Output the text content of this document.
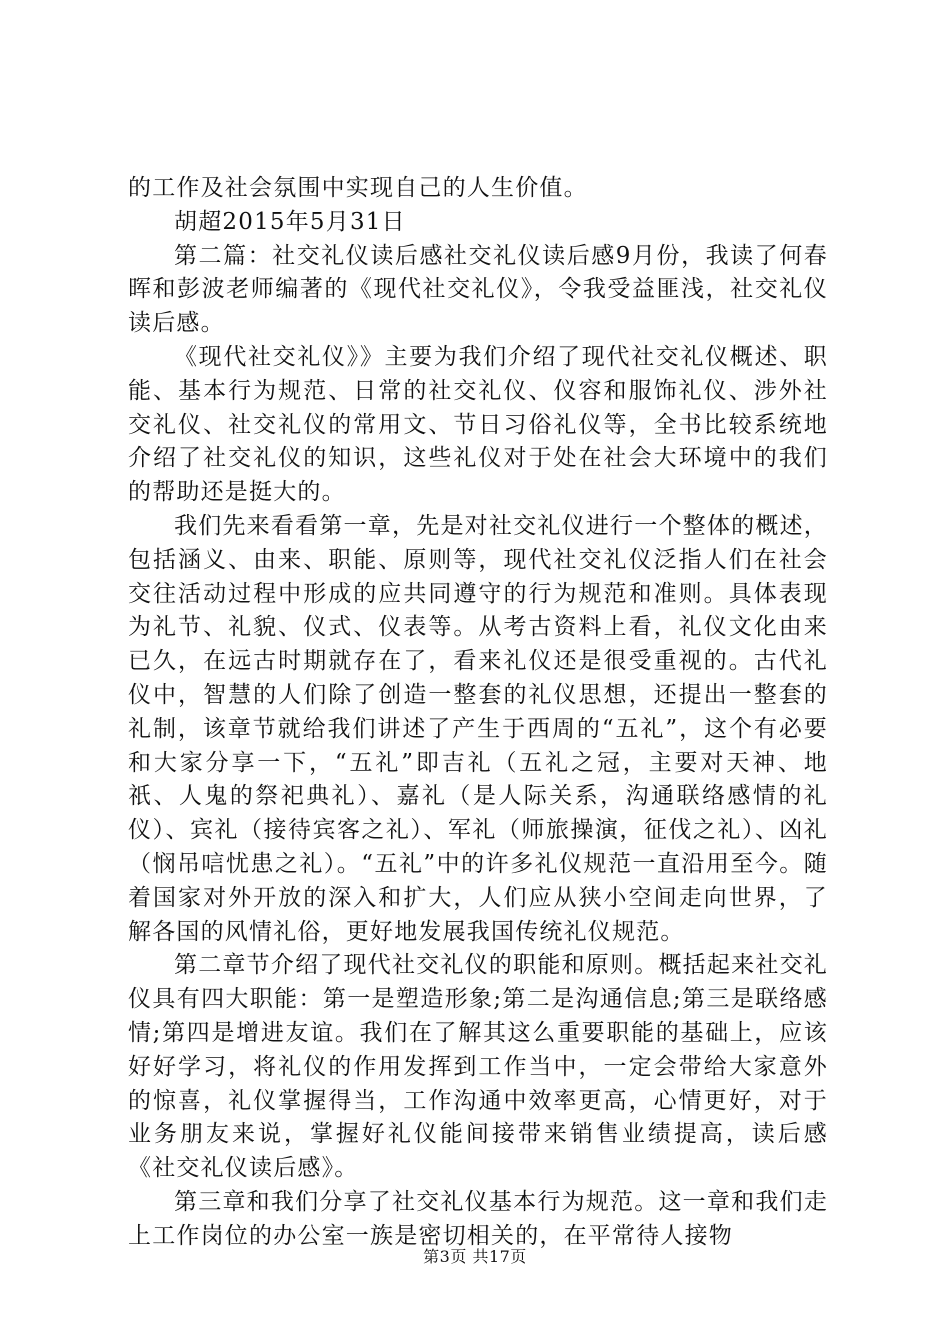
的工作及社会氛围中实现自己的人生价值。

胡超2015年5月31日

第二篇：社交礼仪读后感社交礼仪读后感9月份，我读了何春晖和彭波老师编著的《现代社交礼仪》，令我受益匪浅，社交礼仪读后感。

《现代社交礼仪》》主要为我们介绍了现代社交礼仪概述、职能、基本行为规范、日常的社交礼仪、仪容和服饰礼仪、涉外社交礼仪、社交礼仪的常用文、节日习俗礼仪等，全书比较系统地介绍了社交礼仪的知识，这些礼仪对于处在社会大环境中的我们的帮助还是挺大的。

我们先来看看第一章，先是对社交礼仪进行一个整体的概述，包括涵义、由来、职能、原则等，现代社交礼仪泛指人们在社会交往活动过程中形成的应共同遵守的行为规范和准则。具体表现为礼节、礼貌、仪式、仪表等。从考古资料上看，礼仪文化由来已久，在远古时期就存在了，看来礼仪还是很受重视的。古代礼仪中，智慧的人们除了创造一整套的礼仪思想，还提出一整套的礼制，该章节就给我们讲述了产生于西周的“五礼”，这个有必要和大家分享一下，“五礼”即吉礼（五礼之冠，主要对天神、地祇、人鬼的祭祀典礼）、嘉礼（是人际关系，沟通联络感情的礼仪）、宾礼（接待宾客之礼）、军礼（师旅操演，征伐之礼）、凶礼（悯吊唁忧患之礼）。“五礼”中的许多礼仪规范一直沿用至今。随着国家对外开放的深入和扩大，人们应从狭小空间走向世界，了解各国的风情礼俗，更好地发展我国传统礼仪规范。

第二章节介绍了现代社交礼仪的职能和原则。概括起来社交礼仪具有四大职能：第一是塑造形象;第二是沟通信息;第三是联络感情;第四是增进友谊。我们在了解其这么重要职能的基础上，应该好好学习，将礼仪的作用发挥到工作当中，一定会带给大家意外的惊喜，礼仪掌握得当，工作沟通中效率更高，心情更好，对于业务朋友来说，掌握好礼仪能间接带来销售业绩提高，读后感《社交礼仪读后感》。

第三章和我们分享了社交礼仪基本行为规范。这一章和我们走上工作岗位的办公室一族是密切相关的，在平常待人接物

第3页 共17页
